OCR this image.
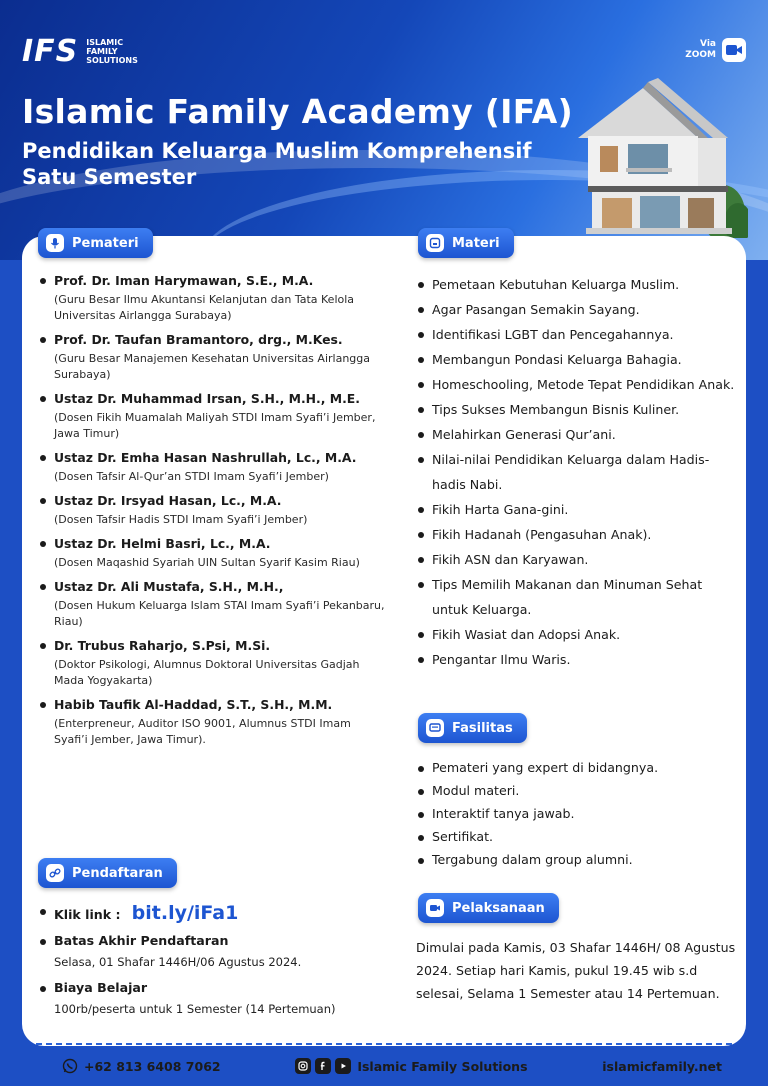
IFS ISLAMIC FAMILY SOLUTIONS
Via
ZOOM
Islamic Family Academy (IFA)
Pendidikan Keluarga Muslim Komprehensif Satu Semester
Pemateri	Materi
Prof. Dr. Iman Harymawan, S.E., M.A.
(Guru Besar Ilmu Akuntansi Kelanjutan dan Tata Kelola Universitas Airlangga Surabaya)
Prof. Dr. Taufan Bramantoro, drg., M.Kes.
(Guru Besar Manajemen Kesehatan Universitas Airlangga Surabaya)
Ustaz Dr. Muhammad Irsan, S.H., M.H., M.E.
(Dosen Fikih Muamalah Maliyah STDI Imam Syafi’i Jember, Jawa Timur)
Ustaz Dr. Emha Hasan Nashrullah, Lc., M.A.
(Dosen Tafsir Al-Qur’an STDI Imam Syafi’i Jember)
Ustaz Dr. Irsyad Hasan, Lc., M.A.
(Dosen Tafsir Hadis STDI Imam Syafi’i Jember)
Ustaz Dr. Helmi Basri, Lc., M.A.
(Dosen Maqashid Syariah UIN Sultan Syarif Kasim Riau)
Ustaz Dr. Ali Mustafa, S.H., M.H.,
(Dosen Hukum Keluarga Islam STAI Imam Syafi’i Pekanbaru, Riau)
Dr. Trubus Raharjo, S.Psi, M.Si.
(Doktor Psikologi, Alumnus Doktoral Universitas Gadjah Mada Yogyakarta)
Habib Taufik Al-Haddad, S.T., S.H., M.M.
(Enterpreneur, Auditor ISO 9001, Alumnus STDI Imam Syafi’i Jember, Jawa Timur).
Pemetaan Kebutuhan Keluarga Muslim.
Agar Pasangan Semakin Sayang.
Identifikasi LGBT dan Pencegahannya.
Membangun Pondasi Keluarga Bahagia.
Homeschooling, Metode Tepat Pendidikan Anak.
Tips Sukses Membangun Bisnis Kuliner.
Melahirkan Generasi Qur’ani.
Nilai-nilai Pendidikan Keluarga dalam Hadis-hadis Nabi.
Fikih Harta Gana-gini.
Fikih Hadanah (Pengasuhan Anak).
Fikih ASN dan Karyawan.
Tips Memilih Makanan dan Minuman Sehat untuk Keluarga.
Fikih Wasiat dan Adopsi Anak.
Pengantar Ilmu Waris.
Fasilitas
Pemateri yang expert di bidangnya.
Modul materi.
Interaktif tanya jawab.
Sertifikat.
Tergabung dalam group alumni.
Pendaftaran
Klik link : bit.ly/iFa1
Batas Akhir Pendaftaran
Selasa, 01 Shafar 1446H/06 Agustus 2024.
Biaya Belajar
100rb/peserta untuk 1 Semester (14 Pertemuan)
Pelaksanaan
Dimulai pada Kamis, 03 Shafar 1446H/ 08 Agustus 2024. Setiap hari Kamis, pukul 19.45 wib s.d selesai, Selama 1 Semester atau 14 Pertemuan.
+62 813 6408 7062	Islamic Family Solutions	islamicfamily.net
